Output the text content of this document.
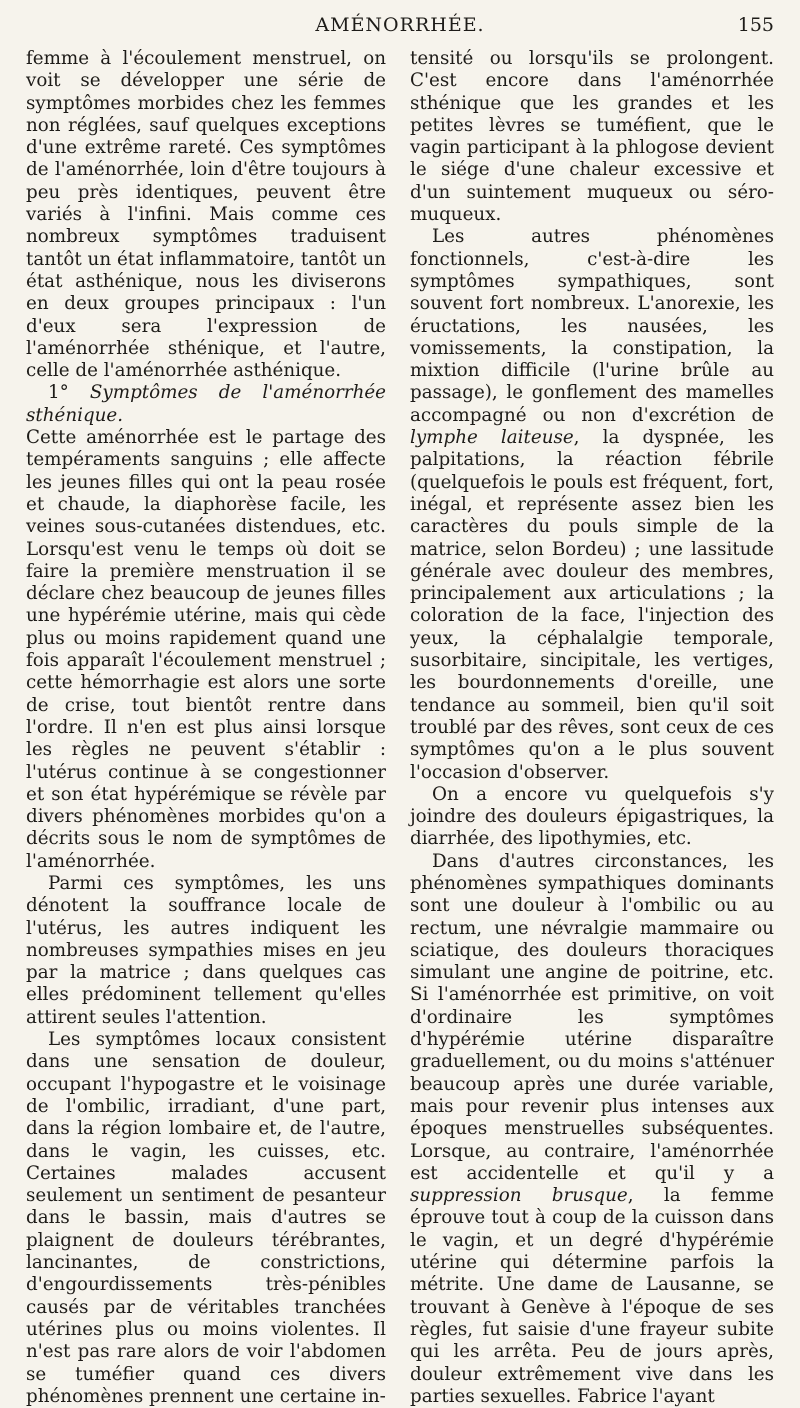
AMÉNORRHÉE.	155

femme à l'écoulement menstruel, on voit se développer une série de symptômes morbides chez les femmes non réglées, sauf quelques exceptions d'une extrême rareté. Ces symptômes de l'aménorrhée, loin d'être toujours à peu près identiques, peuvent être variés à l'infini. Mais comme ces nombreux symptômes traduisent tantôt un état inflammatoire, tantôt un état asthénique, nous les diviserons en deux groupes principaux : l'un d'eux sera l'expression de l'aménorrhée sthénique, et l'autre, celle de l'aménorrhée asthénique.

1° Symptômes de l'aménorrhée sthénique.

Cette aménorrhée est le partage des tempéraments sanguins ; elle affecte les jeunes filles qui ont la peau rosée et chaude, la diaphorèse facile, les veines sous-cutanées distendues, etc. Lorsqu'est venu le temps où doit se faire la première menstruation il se déclare chez beaucoup de jeunes filles une hypérémie utérine, mais qui cède plus ou moins rapidement quand une fois apparaît l'écoulement menstruel ; cette hémorrhagie est alors une sorte de crise, tout bientôt rentre dans l'ordre. Il n'en est plus ainsi lorsque les règles ne peuvent s'établir : l'utérus continue à se congestionner et son état hypérémique se révèle par divers phénomènes morbides qu'on a décrits sous le nom de symptômes de l'aménorrhée.

Parmi ces symptômes, les uns dénotent la souffrance locale de l'utérus, les autres indiquent les nombreuses sympathies mises en jeu par la matrice ; dans quelques cas elles prédominent tellement qu'elles attirent seules l'attention.

Les symptômes locaux consistent dans une sensation de douleur, occupant l'hypogastre et le voisinage de l'ombilic, irradiant, d'une part, dans la région lombaire et, de l'autre, dans le vagin, les cuisses, etc. Certaines malades accusent seulement un sentiment de pesanteur dans le bassin, mais d'autres se plaignent de douleurs térébrantes, lancinantes, de constrictions, d'engourdissements très-pénibles causés par de véritables tranchées utérines plus ou moins violentes. Il n'est pas rare alors de voir l'abdomen se tuméfier quand ces divers phénomènes prennent une certaine in-

tensité ou lorsqu'ils se prolongent. C'est encore dans l'aménorrhée sthénique que les grandes et les petites lèvres se tuméfient, que le vagin participant à la phlogose devient le siége d'une chaleur excessive et d'un suintement muqueux ou séro-muqueux.

Les autres phénomènes fonctionnels, c'est-à-dire les symptômes sympathiques, sont souvent fort nombreux. L'anorexie, les éructations, les nausées, les vomissements, la constipation, la mixtion difficile (l'urine brûle au passage), le gonflement des mamelles accompagné ou non d'excrétion de lymphe laiteuse, la dyspnée, les palpitations, la réaction fébrile (quelquefois le pouls est fréquent, fort, inégal, et représente assez bien les caractères du pouls simple de la matrice, selon Bordeu) ; une lassitude générale avec douleur des membres, principalement aux articulations ; la coloration de la face, l'injection des yeux, la céphalalgie temporale, susorbitaire, sincipitale, les vertiges, les bourdonnements d'oreille, une tendance au sommeil, bien qu'il soit troublé par des rêves, sont ceux de ces symptômes qu'on a le plus souvent l'occasion d'observer.

On a encore vu quelquefois s'y joindre des douleurs épigastriques, la diarrhée, des lipothymies, etc.

Dans d'autres circonstances, les phénomènes sympathiques dominants sont une douleur à l'ombilic ou au rectum, une névralgie mammaire ou sciatique, des douleurs thoraciques simulant une angine de poitrine, etc. Si l'aménorrhée est primitive, on voit d'ordinaire les symptômes d'hypérémie utérine disparaître graduellement, ou du moins s'atténuer beaucoup après une durée variable, mais pour revenir plus intenses aux époques menstruelles subséquentes. Lorsque, au contraire, l'aménorrhée est accidentelle et qu'il y a suppression brusque, la femme éprouve tout à coup de la cuisson dans le vagin, et un degré d'hypérémie utérine qui détermine parfois la métrite. Une dame de Lausanne, se trouvant à Genève à l'époque de ses règles, fut saisie d'une frayeur subite qui les arrêta. Peu de jours après, douleur extrêmement vive dans les parties sexuelles. Fabrice l'ayant
